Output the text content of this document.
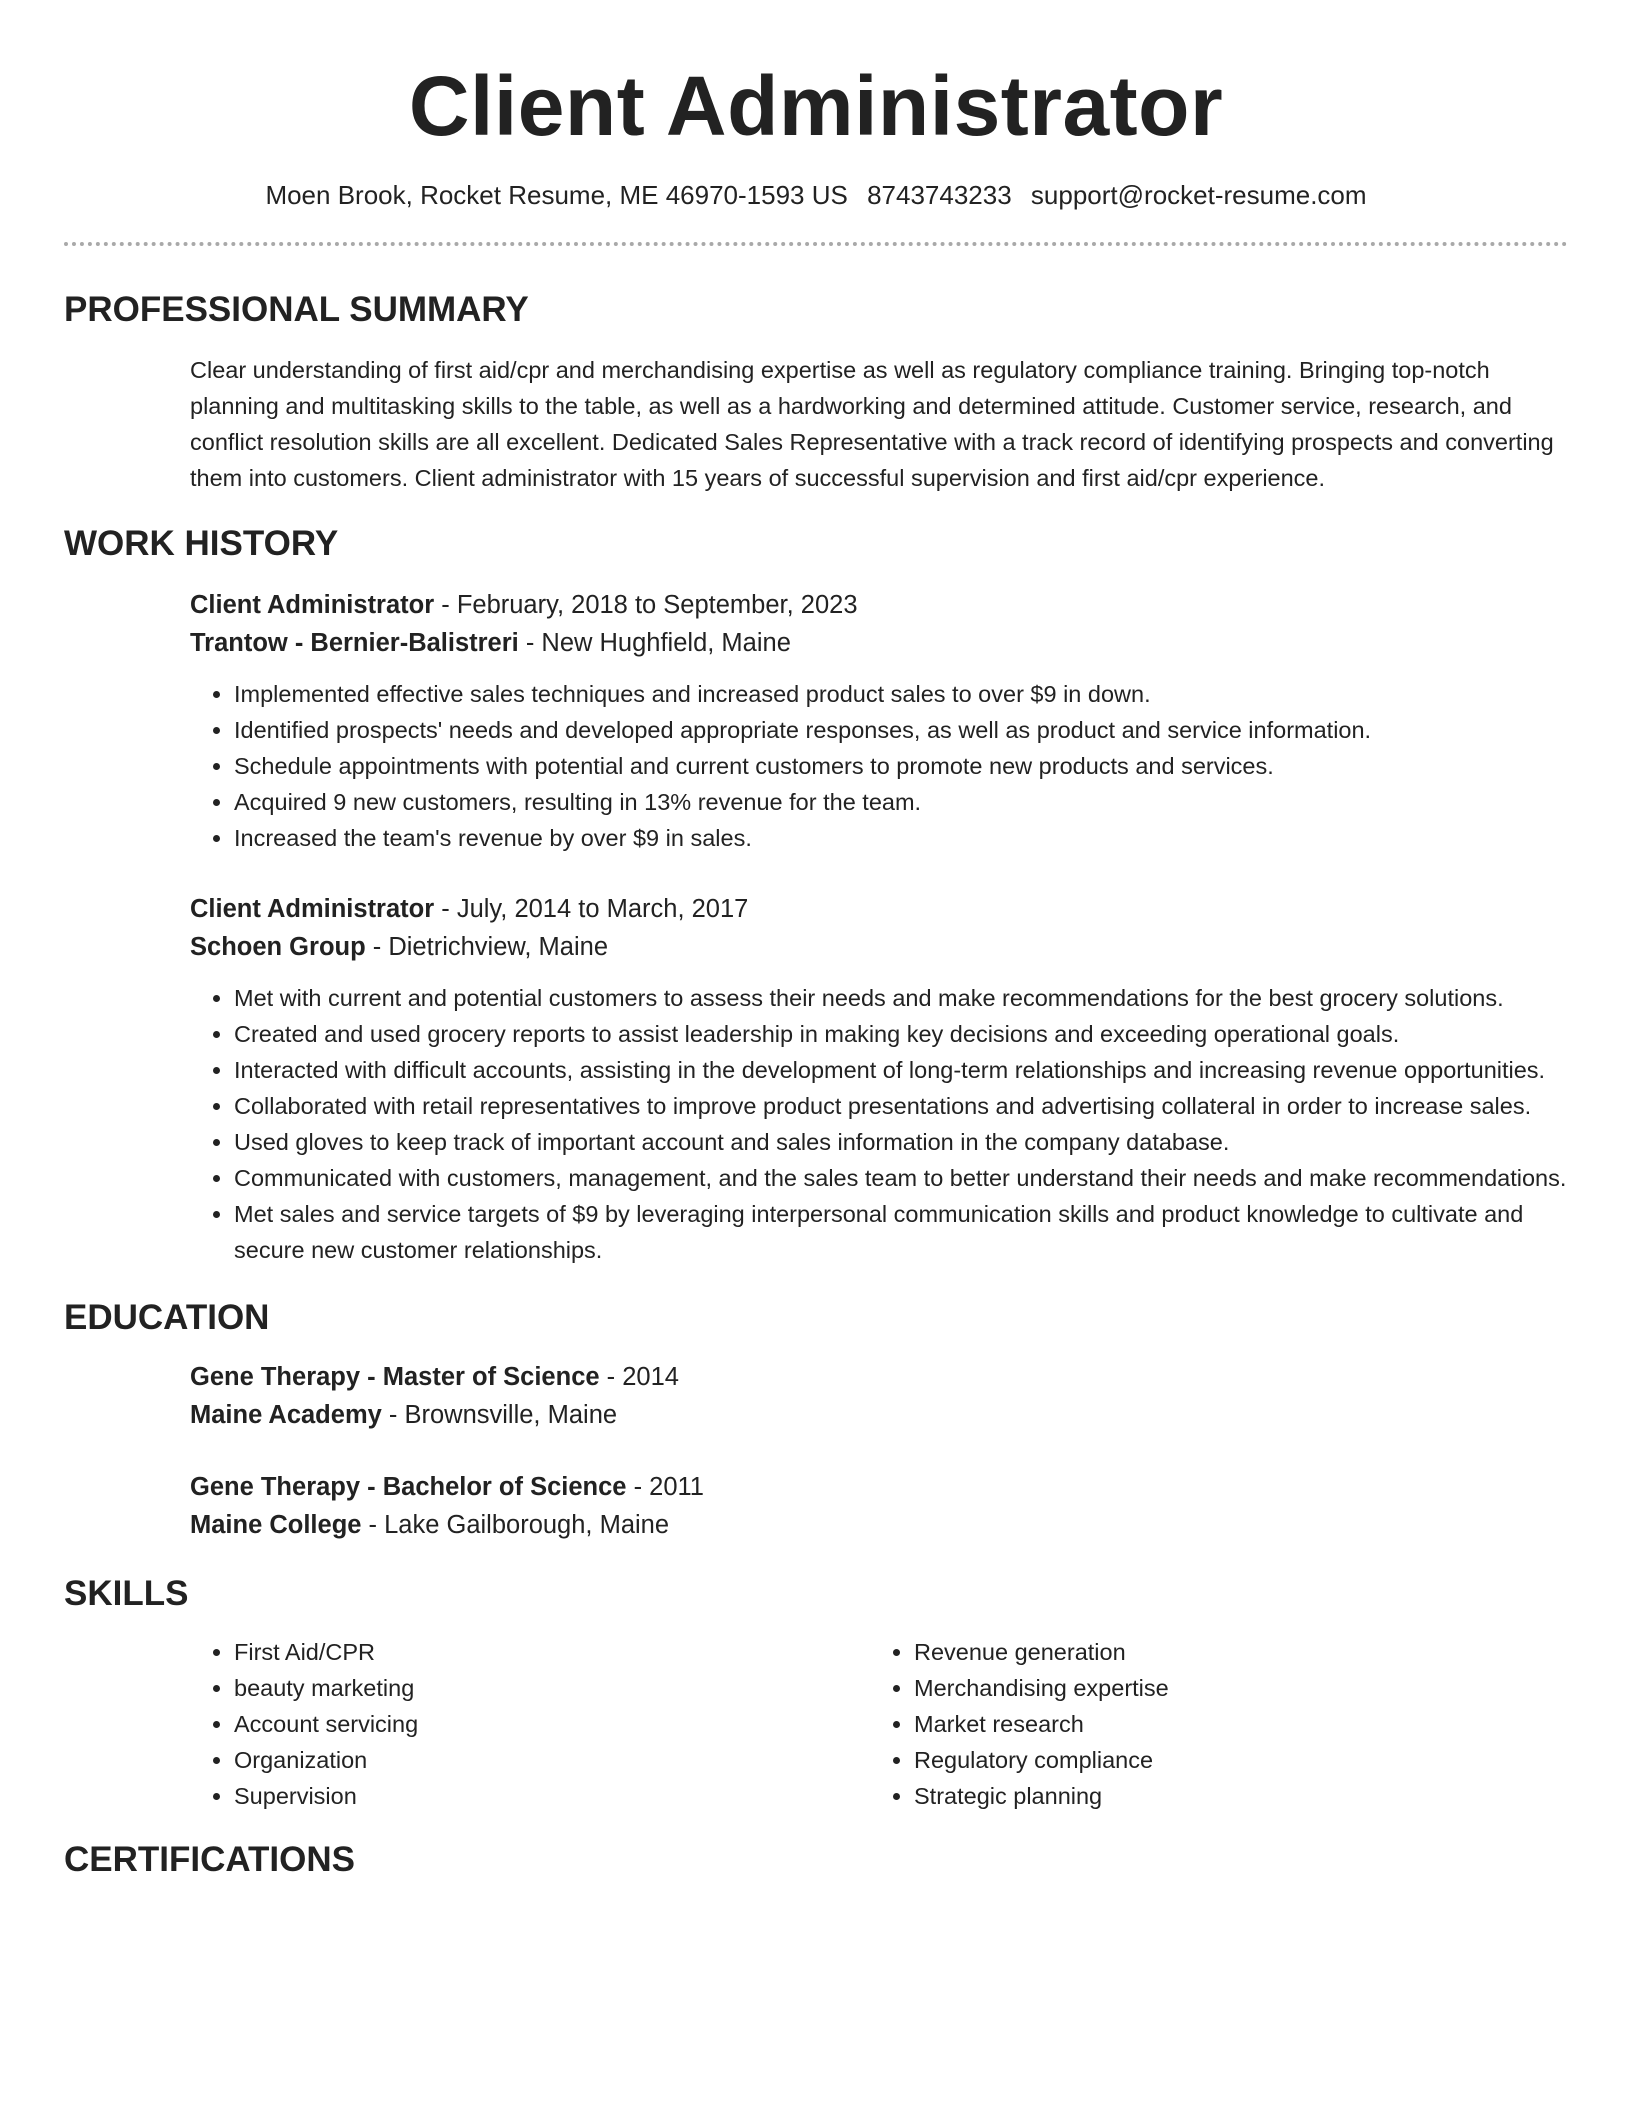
Client Administrator
Moen Brook, Rocket Resume, ME 46970-1593 US 8743743233 support@rocket-resume.com
PROFESSIONAL SUMMARY

Clear understanding of first aid/cpr and merchandising expertise as well as regulatory compliance training. Bringing top-notch planning and multitasking skills to the table, as well as a hardworking and determined attitude. Customer service, research, and conflict resolution skills are all excellent. Dedicated Sales Representative with a track record of identifying prospects and converting them into customers. Client administrator with 15 years of successful supervision and first aid/cpr experience.

WORK HISTORY
Client Administrator - February, 2018 to September, 2023
Trantow - Bernier-Balistreri - New Hughfield, Maine
• Implemented effective sales techniques and increased product sales to over $9 in down.
• Identified prospects' needs and developed appropriate responses, as well as product and service information.
• Schedule appointments with potential and current customers to promote new products and services.
• Acquired 9 new customers, resulting in 13% revenue for the team.
• Increased the team's revenue by over $9 in sales.
Client Administrator - July, 2014 to March, 2017
Schoen Group - Dietrichview, Maine
• Met with current and potential customers to assess their needs and make recommendations for the best grocery solutions.
• Created and used grocery reports to assist leadership in making key decisions and exceeding operational goals.
• Interacted with difficult accounts, assisting in the development of long-term relationships and increasing revenue opportunities.
• Collaborated with retail representatives to improve product presentations and advertising collateral in order to increase sales.
• Used gloves to keep track of important account and sales information in the company database.
• Communicated with customers, management, and the sales team to better understand their needs and make recommendations.
• Met sales and service targets of $9 by leveraging interpersonal communication skills and product knowledge to cultivate and secure new customer relationships.
EDUCATION
Gene Therapy - Master of Science - 2014
Maine Academy - Brownsville, Maine
Gene Therapy - Bachelor of Science - 2011
Maine College - Lake Gailborough, Maine
SKILLS
• First Aid/CPR
• beauty marketing
• Account servicing
• Organization
• Supervision
• Revenue generation
• Merchandising expertise
• Market research
• Regulatory compliance
• Strategic planning
CERTIFICATIONS
